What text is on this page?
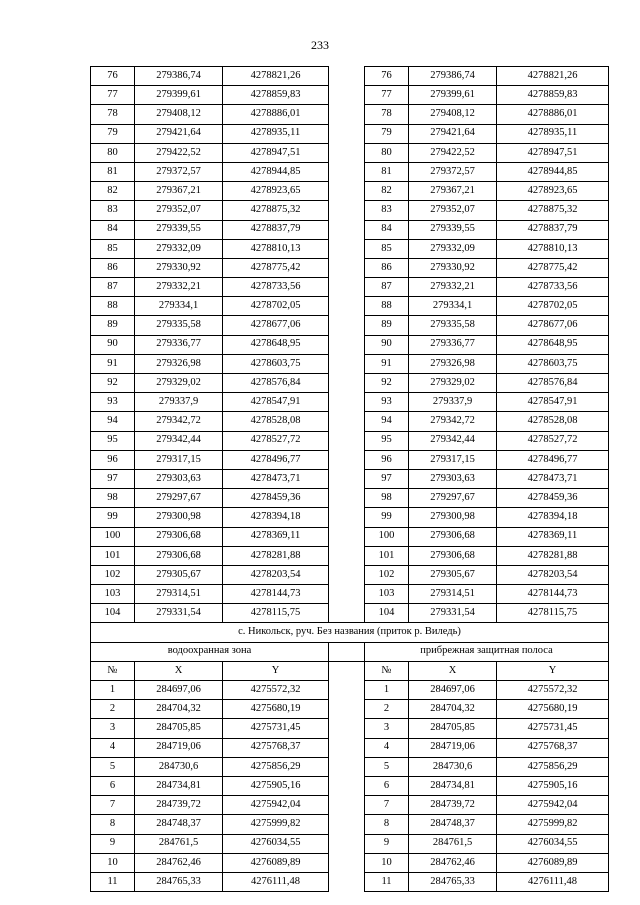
233
76	279386,74	4278821,26		76	279386,74	4278821,26
77	279399,61	4278859,83		77	279399,61	4278859,83
78	279408,12	4278886,01		78	279408,12	4278886,01
79	279421,64	4278935,11		79	279421,64	4278935,11
80	279422,52	4278947,51		80	279422,52	4278947,51
81	279372,57	4278944,85		81	279372,57	4278944,85
82	279367,21	4278923,65		82	279367,21	4278923,65
83	279352,07	4278875,32		83	279352,07	4278875,32
84	279339,55	4278837,79		84	279339,55	4278837,79
85	279332,09	4278810,13		85	279332,09	4278810,13
86	279330,92	4278775,42		86	279330,92	4278775,42
87	279332,21	4278733,56		87	279332,21	4278733,56
88	279334,1	4278702,05		88	279334,1	4278702,05
89	279335,58	4278677,06		89	279335,58	4278677,06
90	279336,77	4278648,95		90	279336,77	4278648,95
91	279326,98	4278603,75		91	279326,98	4278603,75
92	279329,02	4278576,84		92	279329,02	4278576,84
93	279337,9	4278547,91		93	279337,9	4278547,91
94	279342,72	4278528,08		94	279342,72	4278528,08
95	279342,44	4278527,72		95	279342,44	4278527,72
96	279317,15	4278496,77		96	279317,15	4278496,77
97	279303,63	4278473,71		97	279303,63	4278473,71
98	279297,67	4278459,36		98	279297,67	4278459,36
99	279300,98	4278394,18		99	279300,98	4278394,18
100	279306,68	4278369,11		100	279306,68	4278369,11
101	279306,68	4278281,88		101	279306,68	4278281,88
102	279305,67	4278203,54		102	279305,67	4278203,54
103	279314,51	4278144,73		103	279314,51	4278144,73
104	279331,54	4278115,75		104	279331,54	4278115,75
с. Никольск, руч. Без названия (приток р. Виледь)						
водоохранная зона				прибрежная защитная полоса		
№	X	Y		№	X	Y
1	284697,06	4275572,32		1	284697,06	4275572,32
2	284704,32	4275680,19		2	284704,32	4275680,19
3	284705,85	4275731,45		3	284705,85	4275731,45
4	284719,06	4275768,37		4	284719,06	4275768,37
5	284730,6	4275856,29		5	284730,6	4275856,29
6	284734,81	4275905,16		6	284734,81	4275905,16
7	284739,72	4275942,04		7	284739,72	4275942,04
8	284748,37	4275999,82		8	284748,37	4275999,82
9	284761,5	4276034,55		9	284761,5	4276034,55
10	284762,46	4276089,89		10	284762,46	4276089,89
11	284765,33	4276111,48		11	284765,33	4276111,48
